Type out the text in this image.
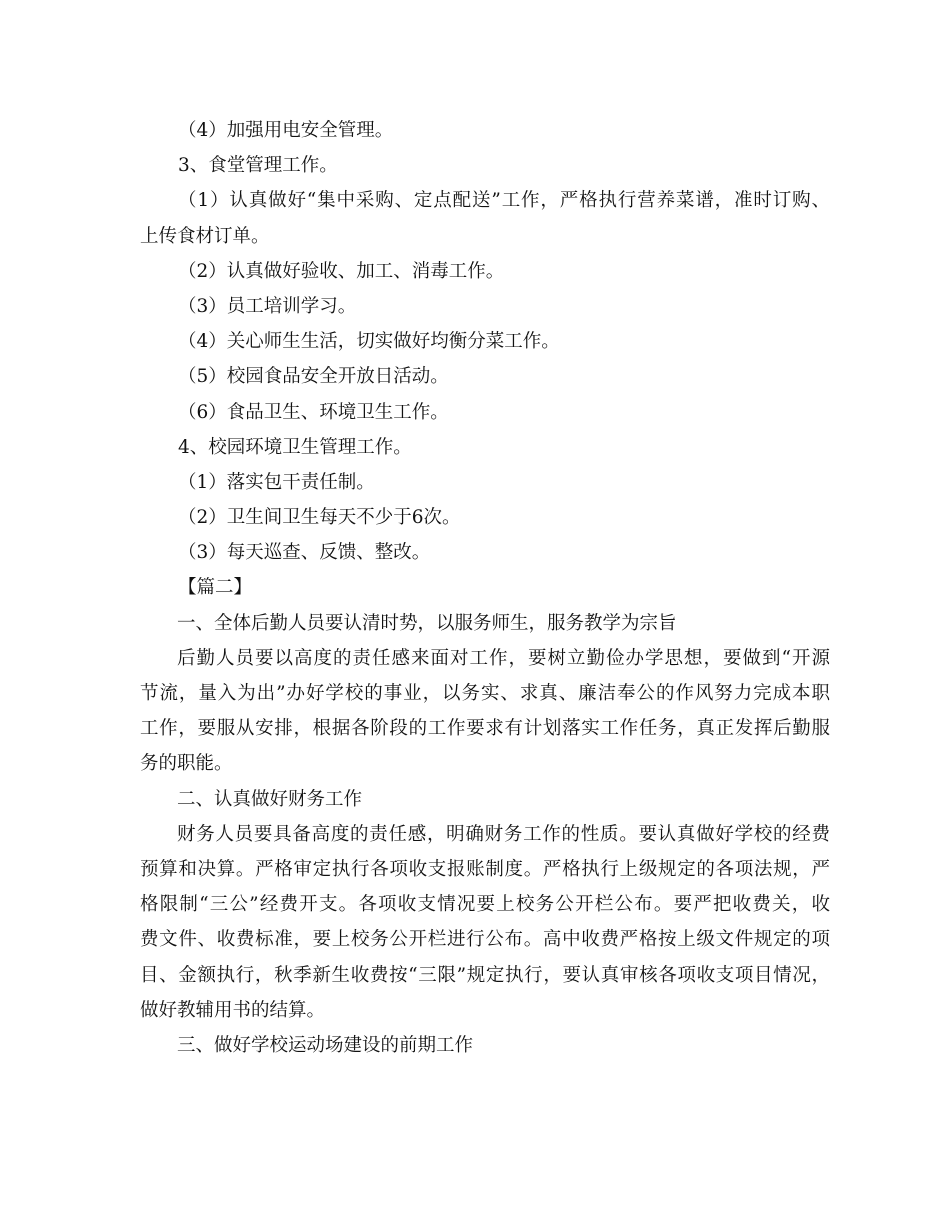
（4）加强用电安全管理。
3、食堂管理工作。
（1）认真做好“集中采购、定点配送”工作，严格执行营养菜谱，准时订购、
上传食材订单。
（2）认真做好验收、加工、消毒工作。
（3）员工培训学习。
（4）关心师生生活，切实做好均衡分菜工作。
（5）校园食品安全开放日活动。
（6）食品卫生、环境卫生工作。
4、校园环境卫生管理工作。
（1）落实包干责任制。
（2）卫生间卫生每天不少于6次。
（3）每天巡查、反馈、整改。
【篇二】
一、全体后勤人员要认清时势，以服务师生，服务教学为宗旨
后勤人员要以高度的责任感来面对工作，要树立勤俭办学思想，要做到“开源
节流，量入为出”办好学校的事业，以务实、求真、廉洁奉公的作风努力完成本职
工作，要服从安排，根据各阶段的工作要求有计划落实工作任务，真正发挥后勤服
务的职能。
二、认真做好财务工作
财务人员要具备高度的责任感，明确财务工作的性质。要认真做好学校的经费
预算和决算。严格审定执行各项收支报账制度。严格执行上级规定的各项法规，严
格限制“三公”经费开支。各项收支情况要上校务公开栏公布。要严把收费关，收
费文件、收费标准，要上校务公开栏进行公布。高中收费严格按上级文件规定的项
目、金额执行，秋季新生收费按“三限”规定执行，要认真审核各项收支项目情况，
做好教辅用书的结算。
三、做好学校运动场建设的前期工作
